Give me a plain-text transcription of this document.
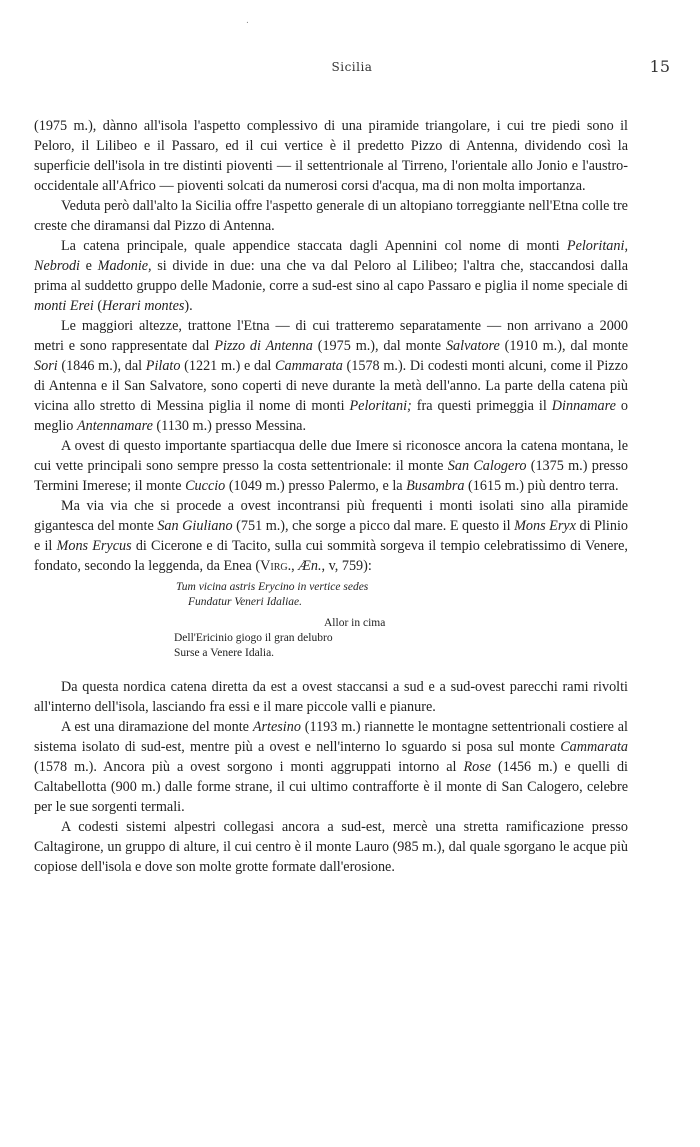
.
Sicilia	15

(1975 m.), dànno all'isola l'aspetto complessivo di una piramide triangolare, i cui tre piedi sono il Peloro, il Lilibeo e il Passaro, ed il cui vertice è il predetto Pizzo di Antenna, dividendo così la superficie dell'isola in tre distinti pioventi — il settentrionale al Tirreno, l'orientale allo Jonio e l'austro-occidentale all'Africo — pioventi solcati da numerosi corsi d'acqua, ma di non molta importanza.

Veduta però dall'alto la Sicilia offre l'aspetto generale di un altopiano torreggiante nell'Etna colle tre creste che diramansi dal Pizzo di Antenna.

La catena principale, quale appendice staccata dagli Apennini col nome di monti Peloritani, Nebrodi e Madonie, si divide in due: una che va dal Peloro al Lilibeo; l'altra che, staccandosi dalla prima al suddetto gruppo delle Madonie, corre a sud-est sino al capo Passaro e piglia il nome speciale di monti Erei (Herari montes).

Le maggiori altezze, trattone l'Etna — di cui tratteremo separatamente — non arrivano a 2000 metri e sono rappresentate dal Pizzo di Antenna (1975 m.), dal monte Salvatore (1910 m.), dal monte Sori (1846 m.), dal Pilato (1221 m.) e dal Cammarata (1578 m.). Di codesti monti alcuni, come il Pizzo di Antenna e il San Salvatore, sono coperti di neve durante la metà dell'anno. La parte della catena più vicina allo stretto di Messina piglia il nome di monti Peloritani; fra questi primeggia il Dinnamare o meglio Antennamare (1130 m.) presso Messina.

A ovest di questo importante spartiacqua delle due Imere si riconosce ancora la catena montana, le cui vette principali sono sempre presso la costa settentrionale: il monte San Calogero (1375 m.) presso Termini Imerese; il monte Cuccio (1049 m.) presso Palermo, e la Busambra (1615 m.) più dentro terra.

Ma via via che si procede a ovest incontransi più frequenti i monti isolati sino alla piramide gigantesca del monte San Giuliano (751 m.), che sorge a picco dal mare. E questo il Mons Eryx di Plinio e il Mons Erycus di Cicerone e di Tacito, sulla cui sommità sorgeva il tempio celebratissimo di Venere, fondato, secondo la leggenda, da Enea (Virg., Æn., v, 759):

Tum vicina astris Erycino in vertice sedes
Fundatur Veneri Idaliae.
Allor in cima
Dell'Ericinio giogo il gran delubro
Surse a Venere Idalia.

Da questa nordica catena diretta da est a ovest staccansi a sud e a sud-ovest parecchi rami rivolti all'interno dell'isola, lasciando fra essi e il mare piccole valli e pianure.

A est una diramazione del monte Artesino (1193 m.) riannette le montagne settentrionali costiere al sistema isolato di sud-est, mentre più a ovest e nell'interno lo sguardo si posa sul monte Cammarata (1578 m.). Ancora più a ovest sorgono i monti aggruppati intorno al Rose (1456 m.) e quelli di Caltabellotta (900 m.) dalle forme strane, il cui ultimo contrafforte è il monte di San Calogero, celebre per le sue sorgenti termali.

A codesti sistemi alpestri collegasi ancora a sud-est, mercè una stretta ramificazione presso Caltagirone, un gruppo di alture, il cui centro è il monte Lauro (985 m.), dal quale sgorgano le acque più copiose dell'isola e dove son molte grotte formate dall'erosione.
